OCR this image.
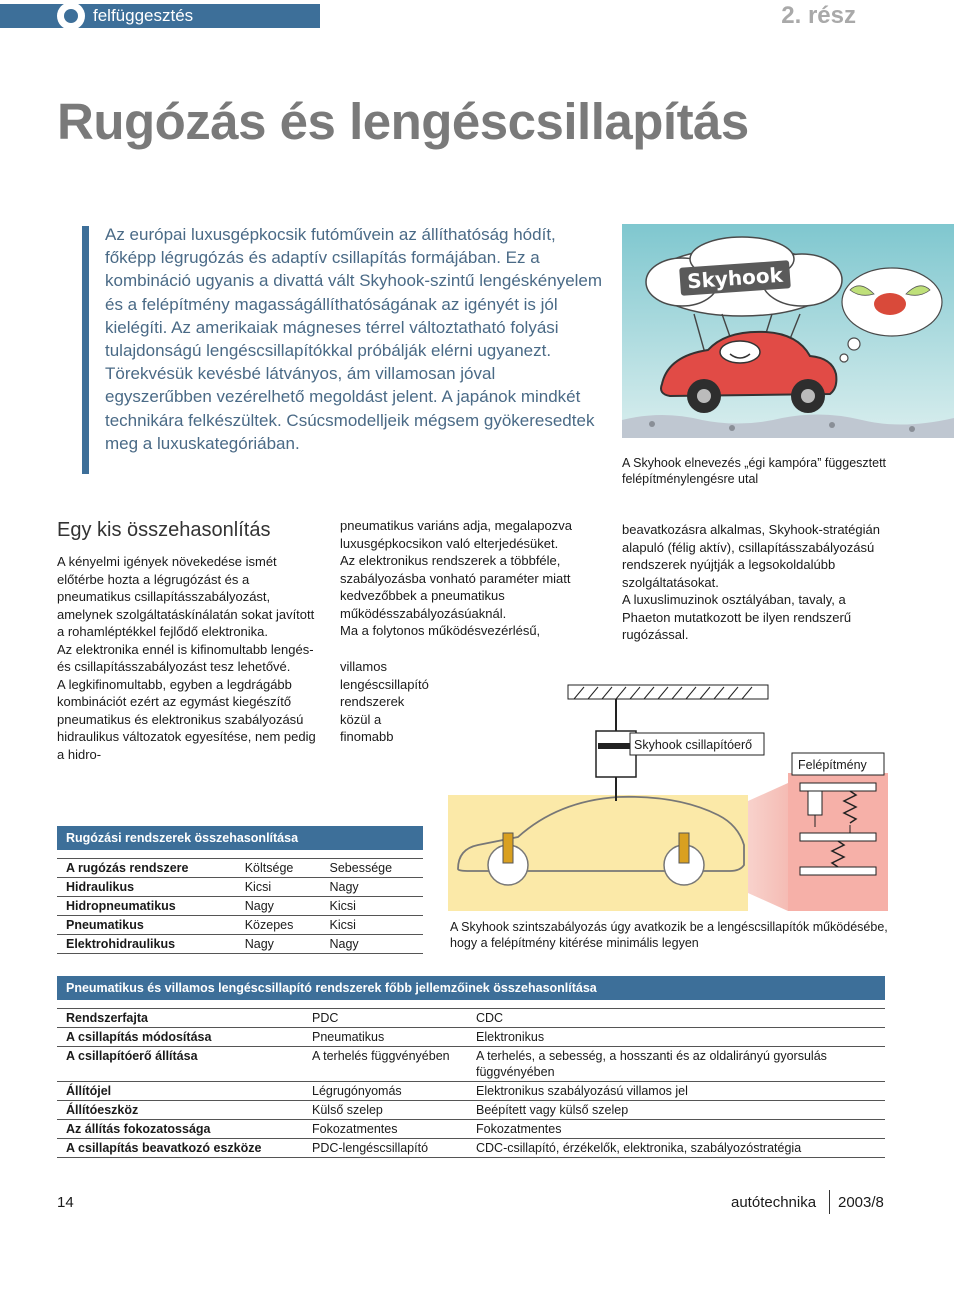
felfüggesztés	2. rész
Rugózás és lengéscsillapítás
Az európai luxusgépkocsik futóművein az állíthatóság hódít, főképp légrugózás és adaptív csillapítás formájában. Ez a kombináció ugyanis a divattá vált Skyhook-szintű lengéskényelem és a felépítmény magasságállíthatóságának az igényét is jól kielégíti. Az amerikaiak mágneses térrel változtatható folyási tulajdonságú lengéscsillapítókkal próbálják elérni ugyanezt. Törekvésük kevésbé látványos, ám villamosan jóval egyszerűbben vezérelhető megoldást jelent. A japánok mindkét technikára felkészültek. Csúcsmodelljeik mégsem gyökeresedtek meg a luxuskategóriában.
Skyhook
A Skyhook elnevezés „égi kampóra” függesztett felépítménylengésre utal
Egy kis összehasonlítás

A kényelmi igények növekedése ismét előtérbe hozta a légrugózást és a pneumatikus csillapításszabályozást, amelynek szolgáltatáskínálatán sokat javított a rohamléptékkel fejlődő elektronika.

Az elektronika ennél is kifinomultabb lengés- és csillapításszabályozást tesz lehetővé.

A legkifinomultabb, egyben a legdrágább kombinációt ezért az egymást kiegészítő pneumatikus és elektronikus szabályozású hidraulikus változatok egyesítése, nem pedig a hidro-

pneumatikus variáns adja, megalapozva luxusgépkocsikon való elterjedésüket.

Az elektronikus rendszerek a többféle, szabályozásba vonható paraméter miatt kedvezőbbek a pneumatikus működésszabályozásúaknál.

Ma a folytonos működésvezérlésű,

villamos lengéscsillapító rendszerek közül a finomabb

beavatkozásra alkalmas, Skyhook-stratégián alapuló (félig aktív), csillapításszabályozású rendszerek nyújtják a legsokoldalúbb szolgáltatásokat.

A luxuslimuzinok osztályában, tavaly, a Phaeton mutatkozott be ilyen rendszerű rugózással.

Skyhook csillapítóerő
Felépítmény
A Skyhook szintszabályozás úgy avatkozik be a lengéscsillapítók működésébe, hogy a felépítmény kitérése minimális legyen
Rugózási rendszerek összehasonlítása		

A rugózás rendszere	Költsége	Sebessége
Hidraulikus	Kicsi	Nagy
Hidropneumatikus	Nagy	Kicsi
Pneumatikus	Közepes	Kicsi
Elektrohidraulikus	Nagy	Nagy
Pneumatikus és villamos lengéscsillapító rendszerek főbb jellemzőinek összehasonlítása		

Rendszerfajta	PDC	CDC
A csillapítás módosítása	Pneumatikus	Elektronikus
A csillapítóerő állítása	A terhelés függvényében	A terhelés, a sebesség, a hosszanti és az oldalirányú gyorsulás függvényében
Állítójel	Légrugónyomás	Elektronikus szabályozású villamos jel
Állítóeszköz	Külső szelep	Beépített vagy külső szelep
Az állítás fokozatossága	Fokozatmentes	Fokozatmentes
A csillapítás beavatkozó eszköze	PDC-lengéscsillapító	CDC-csillapító, érzékelők, elektronika, szabályozóstratégia
14	autótechnika 2003/8
